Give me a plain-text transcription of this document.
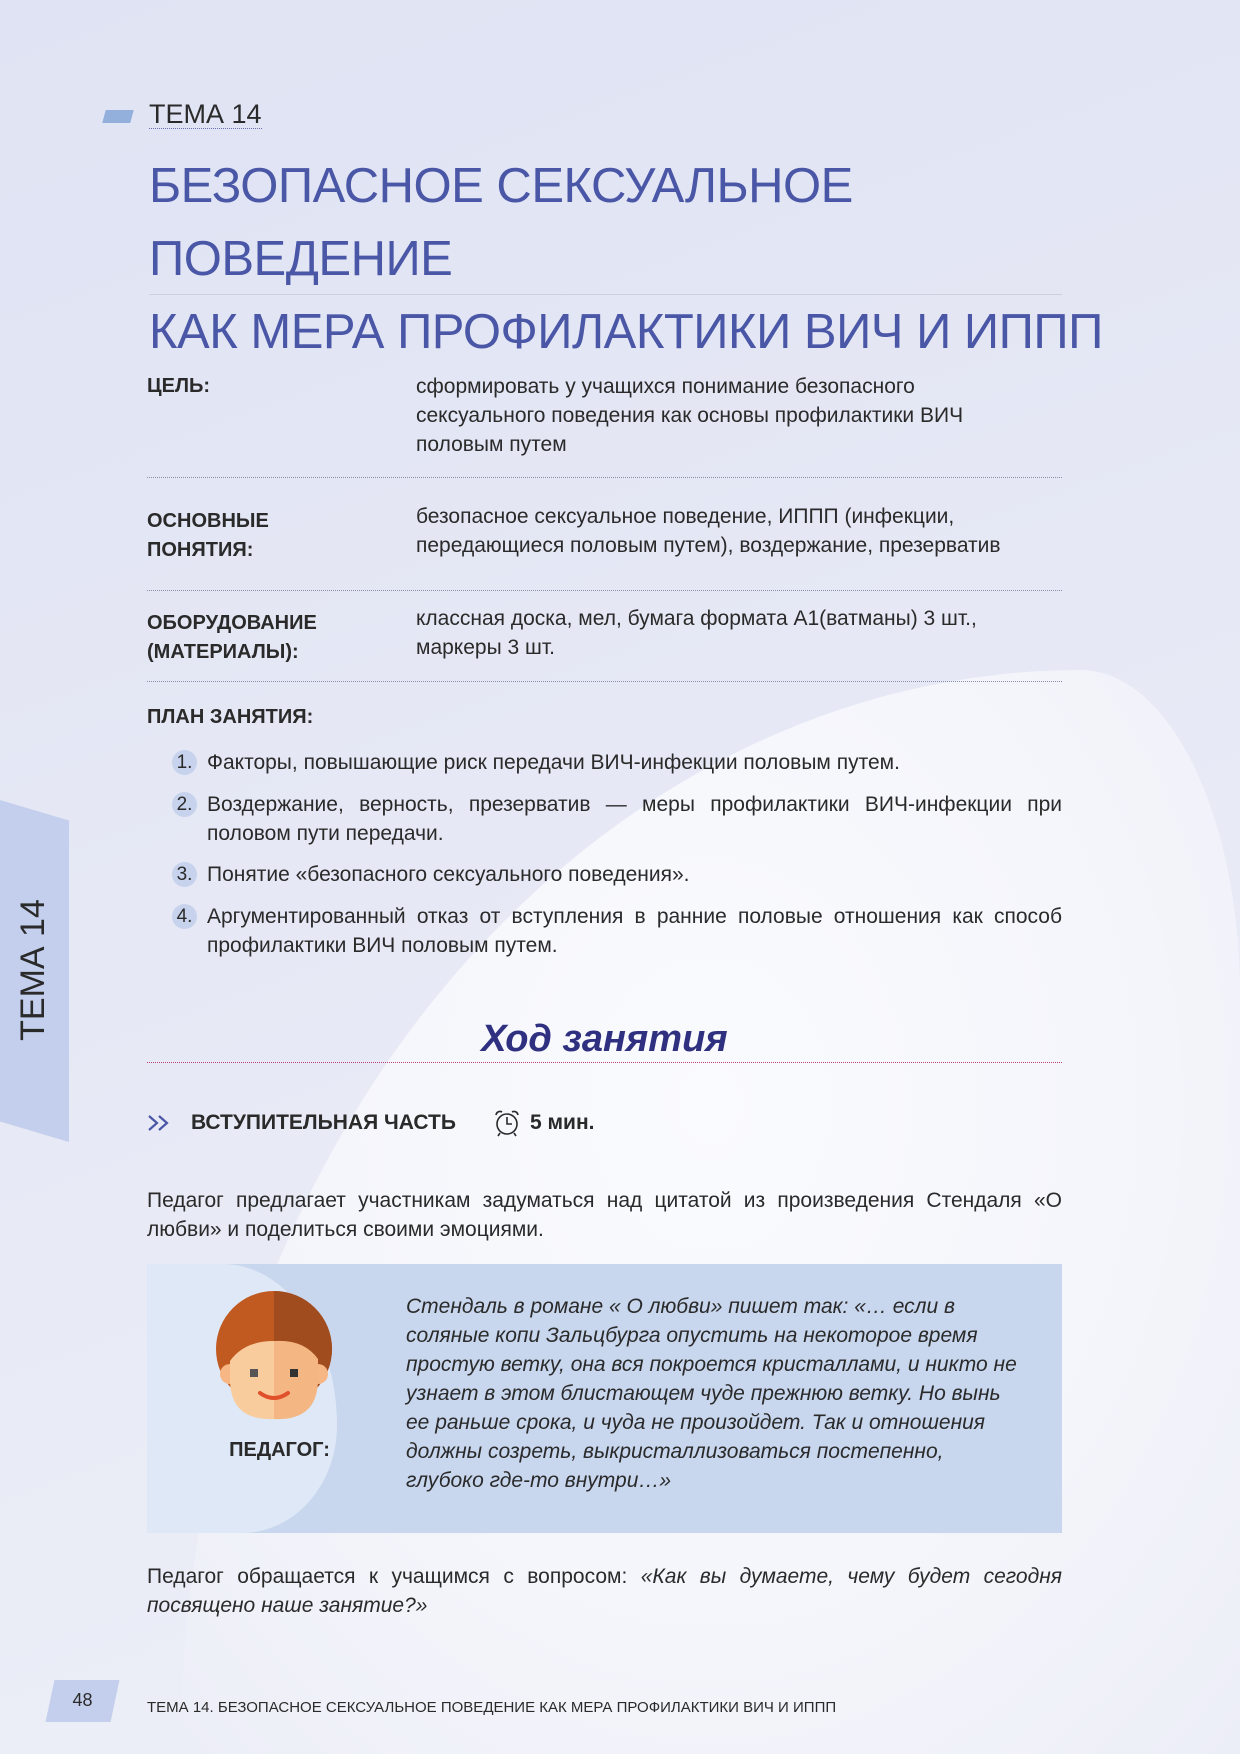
ТЕМА 14
БЕЗОПАСНОЕ СЕКСУАЛЬНОЕ ПОВЕДЕНИЕ
КАК МЕРА ПРОФИЛАКТИКИ ВИЧ И ИППП
ЦЕЛЬ:	сформировать у учащихся понимание безопасного сексуального поведения как основы профилактики ВИЧ половым путем
ОСНОВНЫЕ ПОНЯТИЯ:
безопасное сексуальное поведение, ИППП (инфекции, передающиеся половым путем), воздержание, презерватив
ОБОРУДОВАНИЕ (МАТЕРИАЛЫ):
классная доска, мел, бумага формата А1(ватманы) 3 шт., маркеры 3 шт.
ПЛАН ЗАНЯТИЯ:
1. Факторы, повышающие риск передачи ВИЧ-инфекции половым путем.
2. Воздержание, верность, презерватив — меры профилактики ВИЧ-инфекции при половом пути передачи.
3. Понятие «безопасного сексуального поведения».
4. Аргументированный отказ от вступления в ранние половые отношения как способ профилактики ВИЧ половым путем.
Ход занятия
ВСТУПИТЕЛЬНАЯ ЧАСТЬ	5 мин.
Педагог предлагает участникам задуматься над цитатой из произведения Стендаля «О любви» и поделиться своими эмоциями.
ПЕДАГОГ:
Стендаль в романе « О любви» пишет так: «… если в соляные копи Зальцбурга опустить на некоторое время простую ветку, она вся покроется кристаллами, и никто не узнает в этом блистающем чуде прежнюю ветку. Но вынь ее раньше срока, и чуда не произойдет. Так и отношения должны созреть, выкристаллизоваться постепенно, глубоко где-то внутри…»
Педагог обращается к учащимся с вопросом: «Как вы думаете, чему будет сегодня посвящено наше занятие?»
ТЕМА 14
48	ТЕМА 14. БЕЗОПАСНОЕ СЕКСУАЛЬНОЕ ПОВЕДЕНИЕ КАК МЕРА ПРОФИЛАКТИКИ ВИЧ И ИППП
